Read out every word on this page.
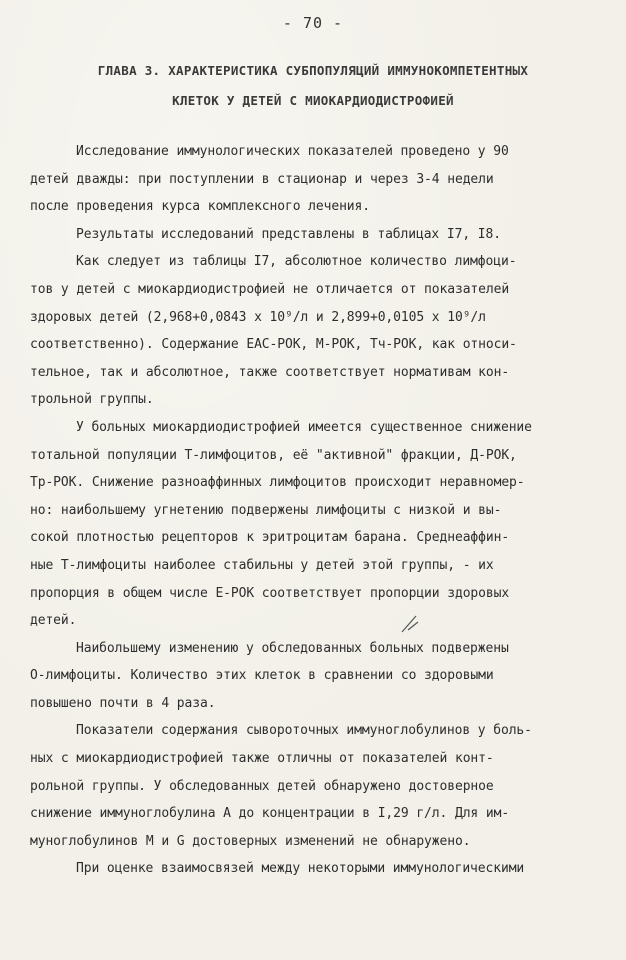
- 70 -
ГЛАВА 3. ХАРАКТЕРИСТИКА СУБПОПУЛЯЦИЙ ИММУНОКОМПЕТЕНТНЫХ
КЛЕТОК У ДЕТЕЙ С МИОКАРДИОДИСТРОФИЕЙ
Исследование иммунологических показателей проведено у 90
детей дважды: при поступлении в стационар и через 3-4 недели
после проведения курса комплексного лечения.
Результаты исследований представлены в таблицах I7, I8.
Как следует из таблицы I7, абсолютное количество лимфоци-
тов у детей с миокардиодистрофией не отличается от показателей
здоровых детей (2,968+0,0843 х 10⁹/л и 2,899+0,0105 х 10⁹/л
соответственно). Содержание ЕАС-РОК, М-РОК, Tч-РОК, как относи-
тельное, так и абсолютное, также соответствует нормативам кон-
трольной группы.
У больных миокардиодистрофией имеется существенное снижение
тотальной популяции Т-лимфоцитов, её "активной" фракции, Д-РОК,
Tр-РОК. Снижение разноаффинных лимфоцитов происходит неравномер-
но: наибольшему угнетению подвержены лимфоциты с низкой и вы-
сокой плотностью рецепторов к эритроцитам барана. Среднеаффин-
ные Т-лимфоциты наиболее стабильны у детей этой группы, - их
пропорция в общем числе Е-РОК соответствует пропорции здоровых
детей.
Наибольшему изменению у обследованных больных подвержены
О-лимфоциты. Количество этих клеток в сравнении со здоровыми
повышено почти в 4 раза.
Показатели содержания сывороточных иммуноглобулинов у боль-
ных с миокардиодистрофией также отличны от показателей конт-
рольной группы. У обследованных детей обнаружено достоверное
снижение иммуноглобулина А до концентрации в I,29 г/л. Для им-
муноглобулинов М и G достоверных изменений не обнаружено.
При оценке взаимосвязей между некоторыми иммунологическими
